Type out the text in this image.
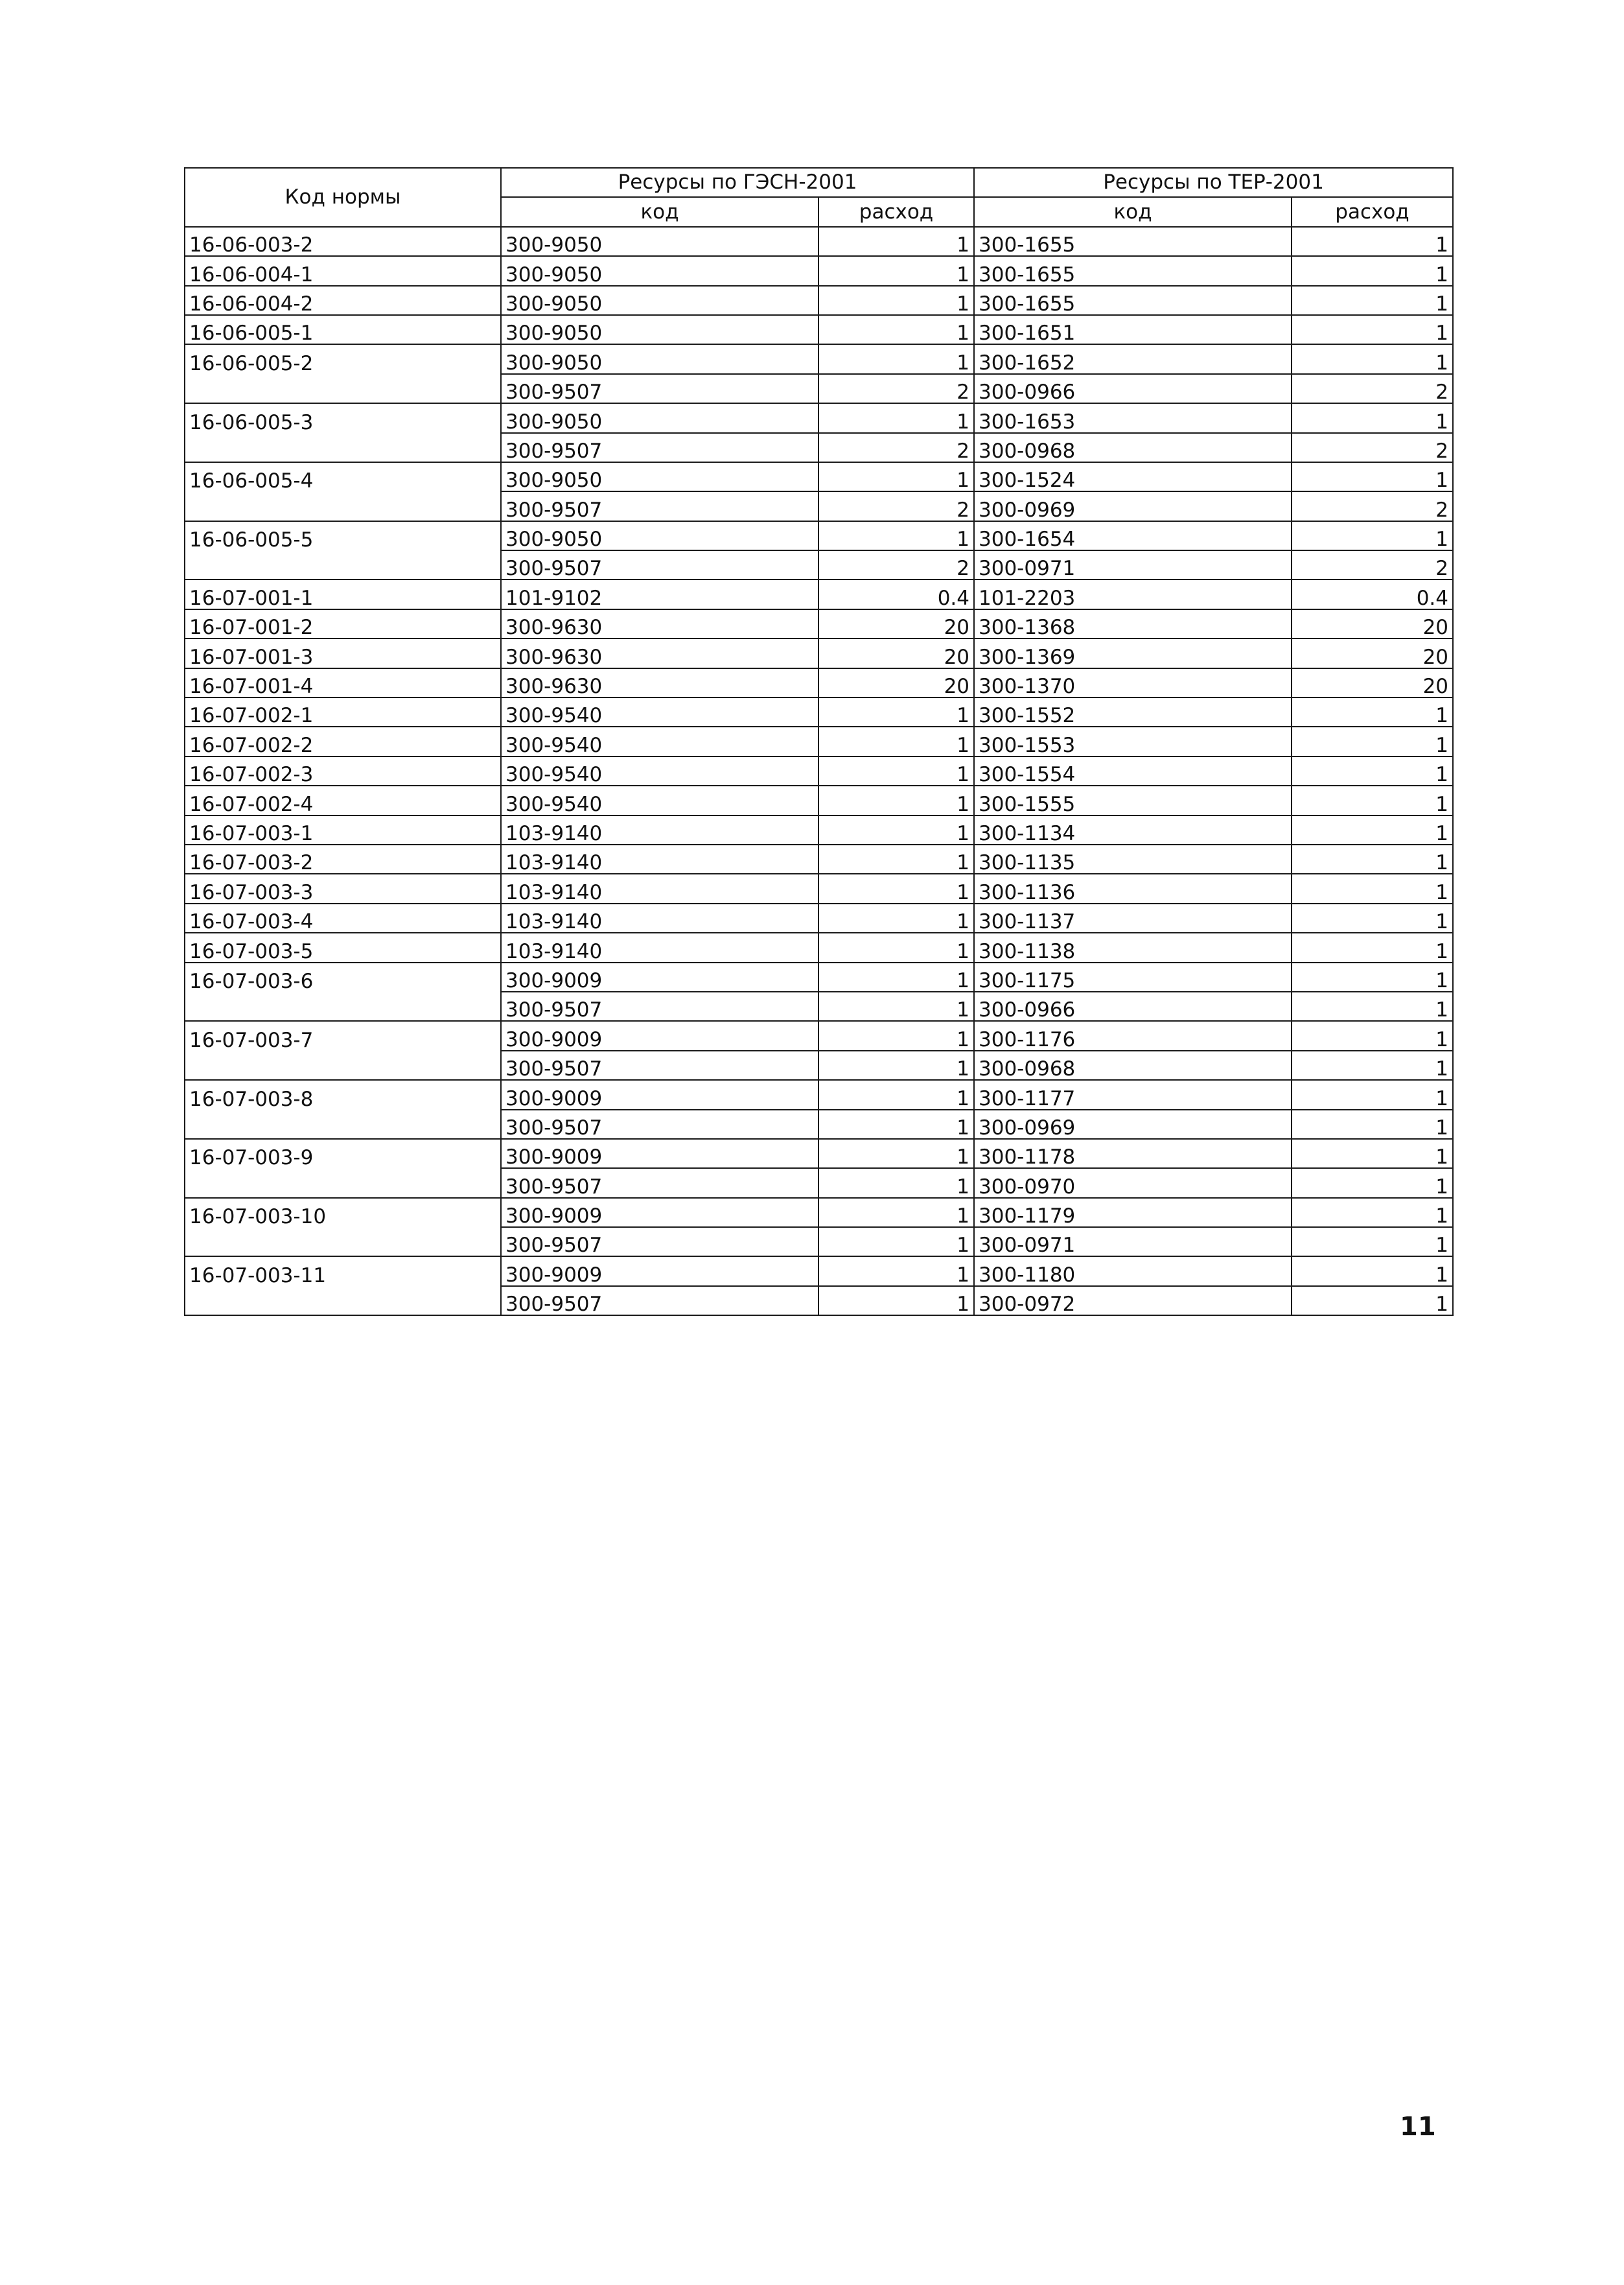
Код нормы	Ресурсы по ГЭСН-2001		Ресурсы по ТЕР-2001	
	код	расход	код	расход
16-06-003-2	300-9050	1	300-1655	1
16-06-004-1	300-9050	1	300-1655	1
16-06-004-2	300-9050	1	300-1655	1
16-06-005-1	300-9050	1	300-1651	1
16-06-005-2	300-9050	1	300-1652	1
	300-9507	2	300-0966	2
16-06-005-3	300-9050	1	300-1653	1
	300-9507	2	300-0968	2
16-06-005-4	300-9050	1	300-1524	1
	300-9507	2	300-0969	2
16-06-005-5	300-9050	1	300-1654	1
	300-9507	2	300-0971	2
16-07-001-1	101-9102	0.4	101-2203	0.4
16-07-001-2	300-9630	20	300-1368	20
16-07-001-3	300-9630	20	300-1369	20
16-07-001-4	300-9630	20	300-1370	20
16-07-002-1	300-9540	1	300-1552	1
16-07-002-2	300-9540	1	300-1553	1
16-07-002-3	300-9540	1	300-1554	1
16-07-002-4	300-9540	1	300-1555	1
16-07-003-1	103-9140	1	300-1134	1
16-07-003-2	103-9140	1	300-1135	1
16-07-003-3	103-9140	1	300-1136	1
16-07-003-4	103-9140	1	300-1137	1
16-07-003-5	103-9140	1	300-1138	1
16-07-003-6	300-9009	1	300-1175	1
	300-9507	1	300-0966	1
16-07-003-7	300-9009	1	300-1176	1
	300-9507	1	300-0968	1
16-07-003-8	300-9009	1	300-1177	1
	300-9507	1	300-0969	1
16-07-003-9	300-9009	1	300-1178	1
	300-9507	1	300-0970	1
16-07-003-10	300-9009	1	300-1179	1
	300-9507	1	300-0971	1
16-07-003-11	300-9009	1	300-1180	1
	300-9507	1	300-0972	1
11
